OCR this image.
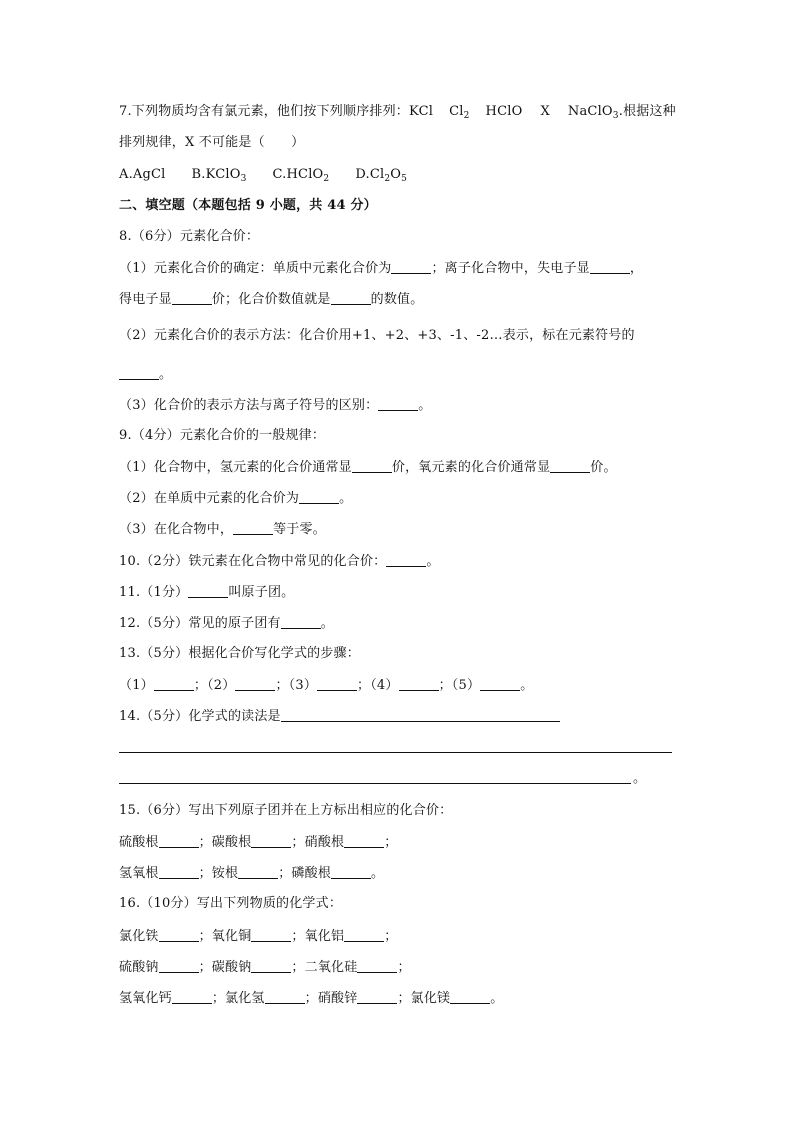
7.下列物质均含有氯元素，他们按下列顺序排列：KCl $Cl_2$ HClO X NaClO$_3$.根据这种
排列规律，X 不可能是（　　）
A.AgCl B.KClO$_3$ C.HClO$_2$ $D.Cl_2O_5$
二、填空题（本题包括 9 小题，共 44 分）
8.（6分）元素化合价：
（1）元素化合价的确定：单质中元素化合价为	；离子化合物中，失电子显	，
得电子显	价；化合价数值就是	的数值。
（2）元素化合价的表示方法：化合价用+1、+2、+3、-1、-2…表示，标在元素符号的
。
（3）化合价的表示方法与离子符号的区别：	。
9.（4分）元素化合价的一般规律：
（1）化合物中，氢元素的化合价通常显	价，氧元素的化合价通常显	价。
（2）在单质中元素的化合价为	。
（3）在化合物中，	等于零。
10.（2分）铁元素在化合物中常见的化合价：	。
11.（1分）	叫原子团。
12.（5分）常见的原子团有	。
13.（5分）根据化合价写化学式的步骤：
（1）	；（2）	；（3）	；（4）	；（5）	。
14.（5分）化学式的读法是
。
15.（6分）写出下列原子团并在上方标出相应的化合价：
硫酸根	；碳酸根	；硝酸根	；
氢氧根	；铵根	；磷酸根	。
16.（10分）写出下列物质的化学式：
氯化铁	；氧化铜	；氧化铝	；
硫酸钠	；碳酸钠	；二氧化硅	；
氢氧化钙	；氯化氢	；硝酸锌	；氯化镁	。
